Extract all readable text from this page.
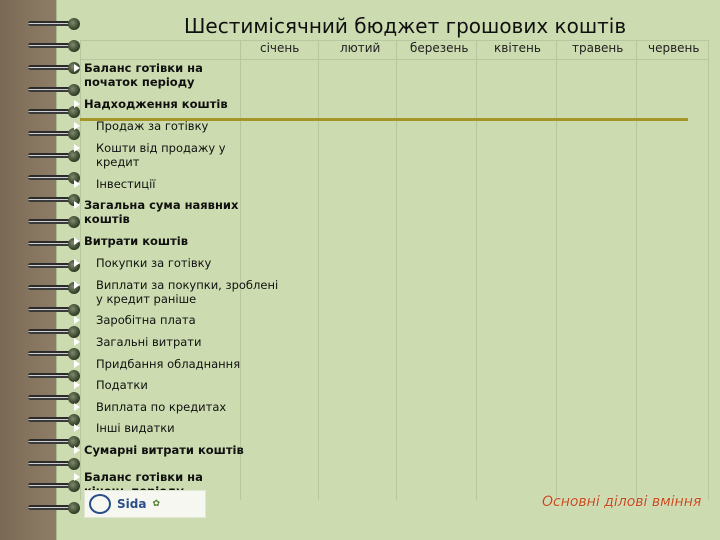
Шестимісячний бюджет грошових коштів
січень	лютий березень квітень	травень червень
Баланс готівки на
початок періоду
Надходження коштів
Продаж за готівку
Кошти від продажу у
кредит
Інвестиції
Загальна сума наявних
коштів
Витрати коштів
Покупки за готівку
Виплати за покупки, зроблені
у кредит раніше
Заробітна плата
Загальні витрати
Придбання обладнання
Податки
Виплата по кредитах
Інші видатки
Сумарні витрати коштів
Баланс готівки на

Sida ✿	Основні ділові вміння
